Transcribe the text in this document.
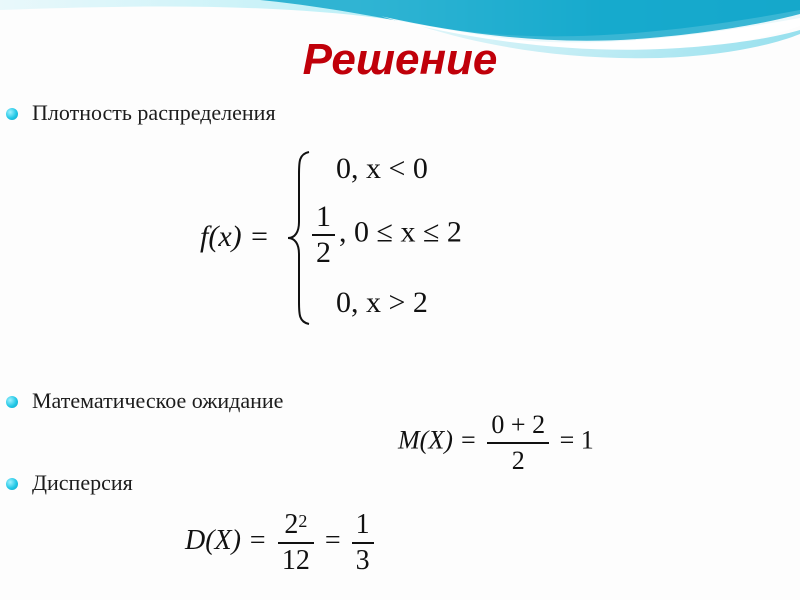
Решение
Плотность распределения
f(x) =
0, x < 0
$\frac{1}{2}$ , 0 ≤ x ≤ 2
0, x > 2
Математическое ожидание
$M(X) = \frac{0 + 2}{2} = 1$
Дисперсия
$D(X) = \frac{2^2}{12} = \frac{1}{3}$
